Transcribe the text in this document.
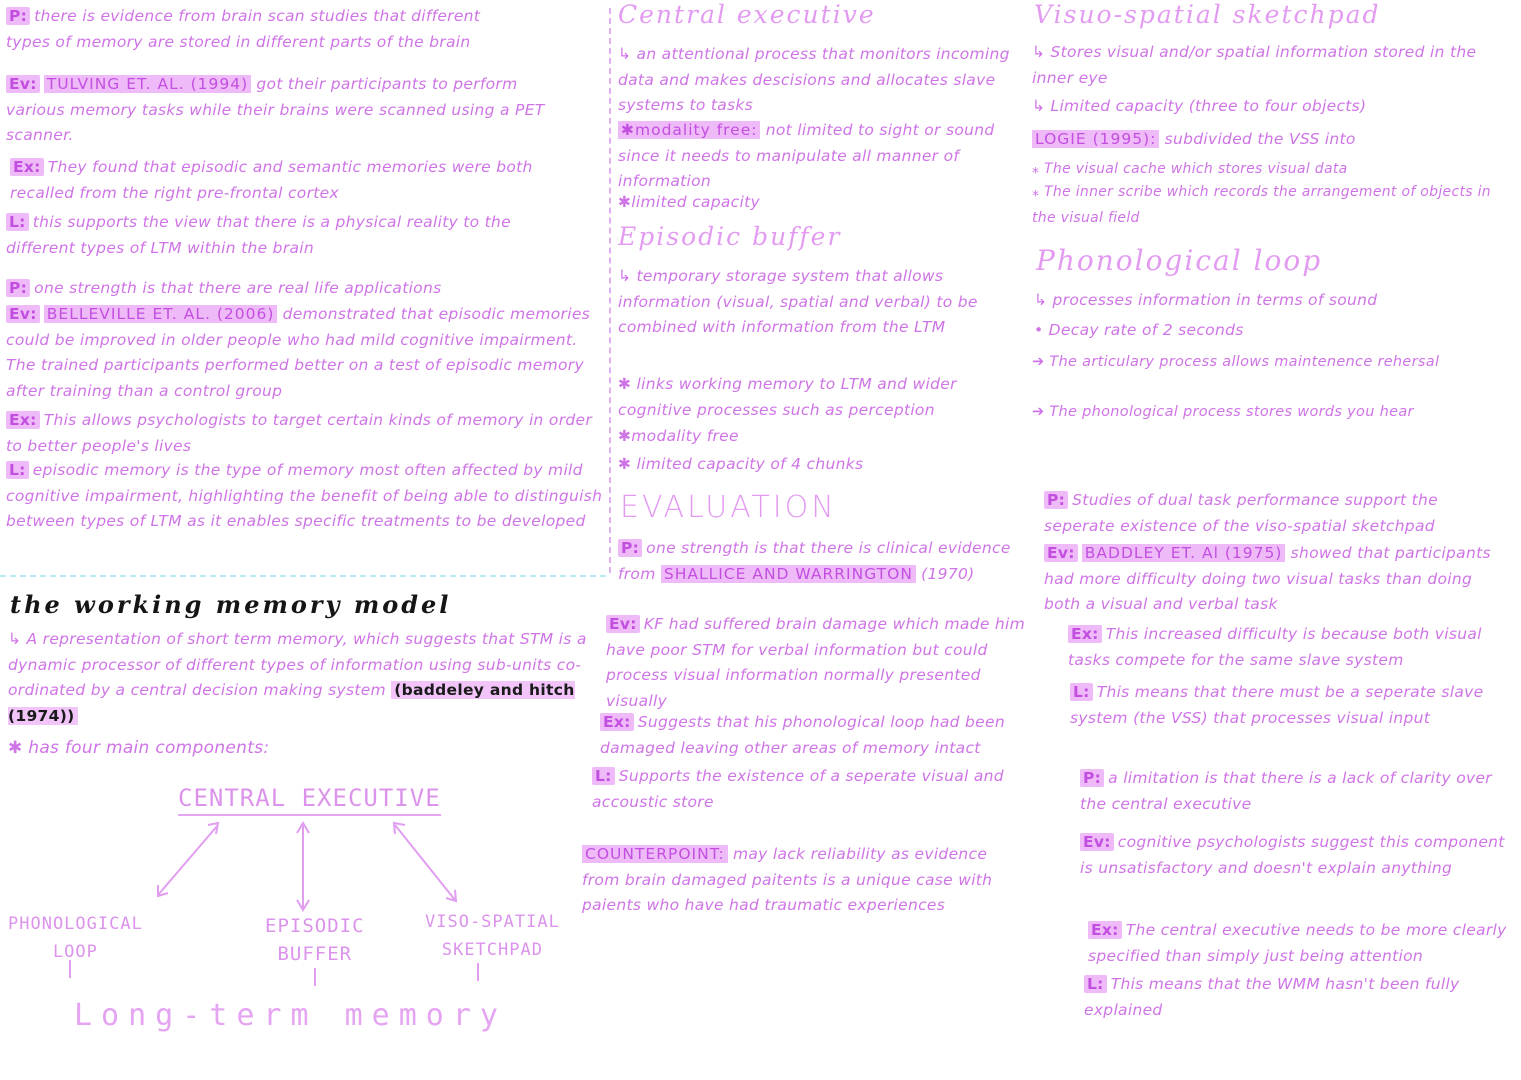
P: there is evidence from brain scan studies that different types of memory are stored in different parts of the brain

Ev: TULVING ET. AL. (1994) got their participants to perform various memory tasks while their brains were scanned using a PET scanner.

Ex: They found that episodic and semantic memories were both recalled from the right pre-frontal cortex

L: this supports the view that there is a physical reality to the different types of LTM within the brain

P: one strength is that there are real life applications

Ev: BELLEVILLE ET. AL. (2006) demonstrated that episodic memories could be improved in older people who had mild cognitive impairment. The trained participants performed better on a test of episodic memory after training than a control group

Ex: This allows psychologists to target certain kinds of memory in order to better people's lives

L: episodic memory is the type of memory most often affected by mild cognitive impairment, highlighting the benefit of being able to distinguish between types of LTM as it enables specific treatments to be developed

the working memory model

↳ A representation of short term memory, which suggests that STM is a dynamic processor of different types of information using sub-units co-ordinated by a central decision making system (baddeley and hitch (1974))

✱ has four main components:

CENTRAL EXECUTIVE

PHONOLOGICAL
LOOP
EPISODIC
BUFFER
VISO-SPATIAL
SKETCHPAD

Long-term memory

Central executive

↳ an attentional process that monitors incoming data and makes descisions and allocates slave systems to tasks

✱modality free: not limited to sight or sound since it needs to manipulate all manner of information

✱limited capacity

Episodic buffer

↳ temporary storage system that allows information (visual, spatial and verbal) to be combined with information from the LTM

✱ links working memory to LTM and wider cognitive processes such as perception

✱modality free

✱ limited capacity of 4 chunks

EVALUATION

P: one strength is that there is clinical evidence from SHALLICE AND WARRINGTON (1970)

Ev: KF had suffered brain damage which made him have poor STM for verbal information but could process visual information normally presented visually

Ex: Suggests that his phonological loop had been damaged leaving other areas of memory intact

L: Supports the existence of a seperate visual and accoustic store

COUNTERPOINT: may lack reliability as evidence from brain damaged paitents is a unique case with paients who have had traumatic experiences

Visuo-spatial sketchpad

↳ Stores visual and/or spatial information stored in the inner eye

↳ Limited capacity (three to four objects)

LOGIE (1995): subdivided the VSS into

⁎ The visual cache which stores visual data

⁎ The inner scribe which records the arrangement of objects in the visual field

Phonological loop

↳ processes information in terms of sound

• Decay rate of 2 seconds

➔ The articulary process allows maintenence rehersal

➔ The phonological process stores words you hear

P: Studies of dual task performance support the seperate existence of the viso-spatial sketchpad

Ev: BADDLEY ET. Al (1975) showed that participants had more difficulty doing two visual tasks than doing both a visual and verbal task

Ex: This increased difficulty is because both visual tasks compete for the same slave system

L: This means that there must be a seperate slave system (the VSS) that processes visual input

P: a limitation is that there is a lack of clarity over the central executive

Ev: cognitive psychologists suggest this component is unsatisfactory and doesn't explain anything

Ex: The central executive needs to be more clearly specified than simply just being attention

L: This means that the WMM hasn't been fully explained
